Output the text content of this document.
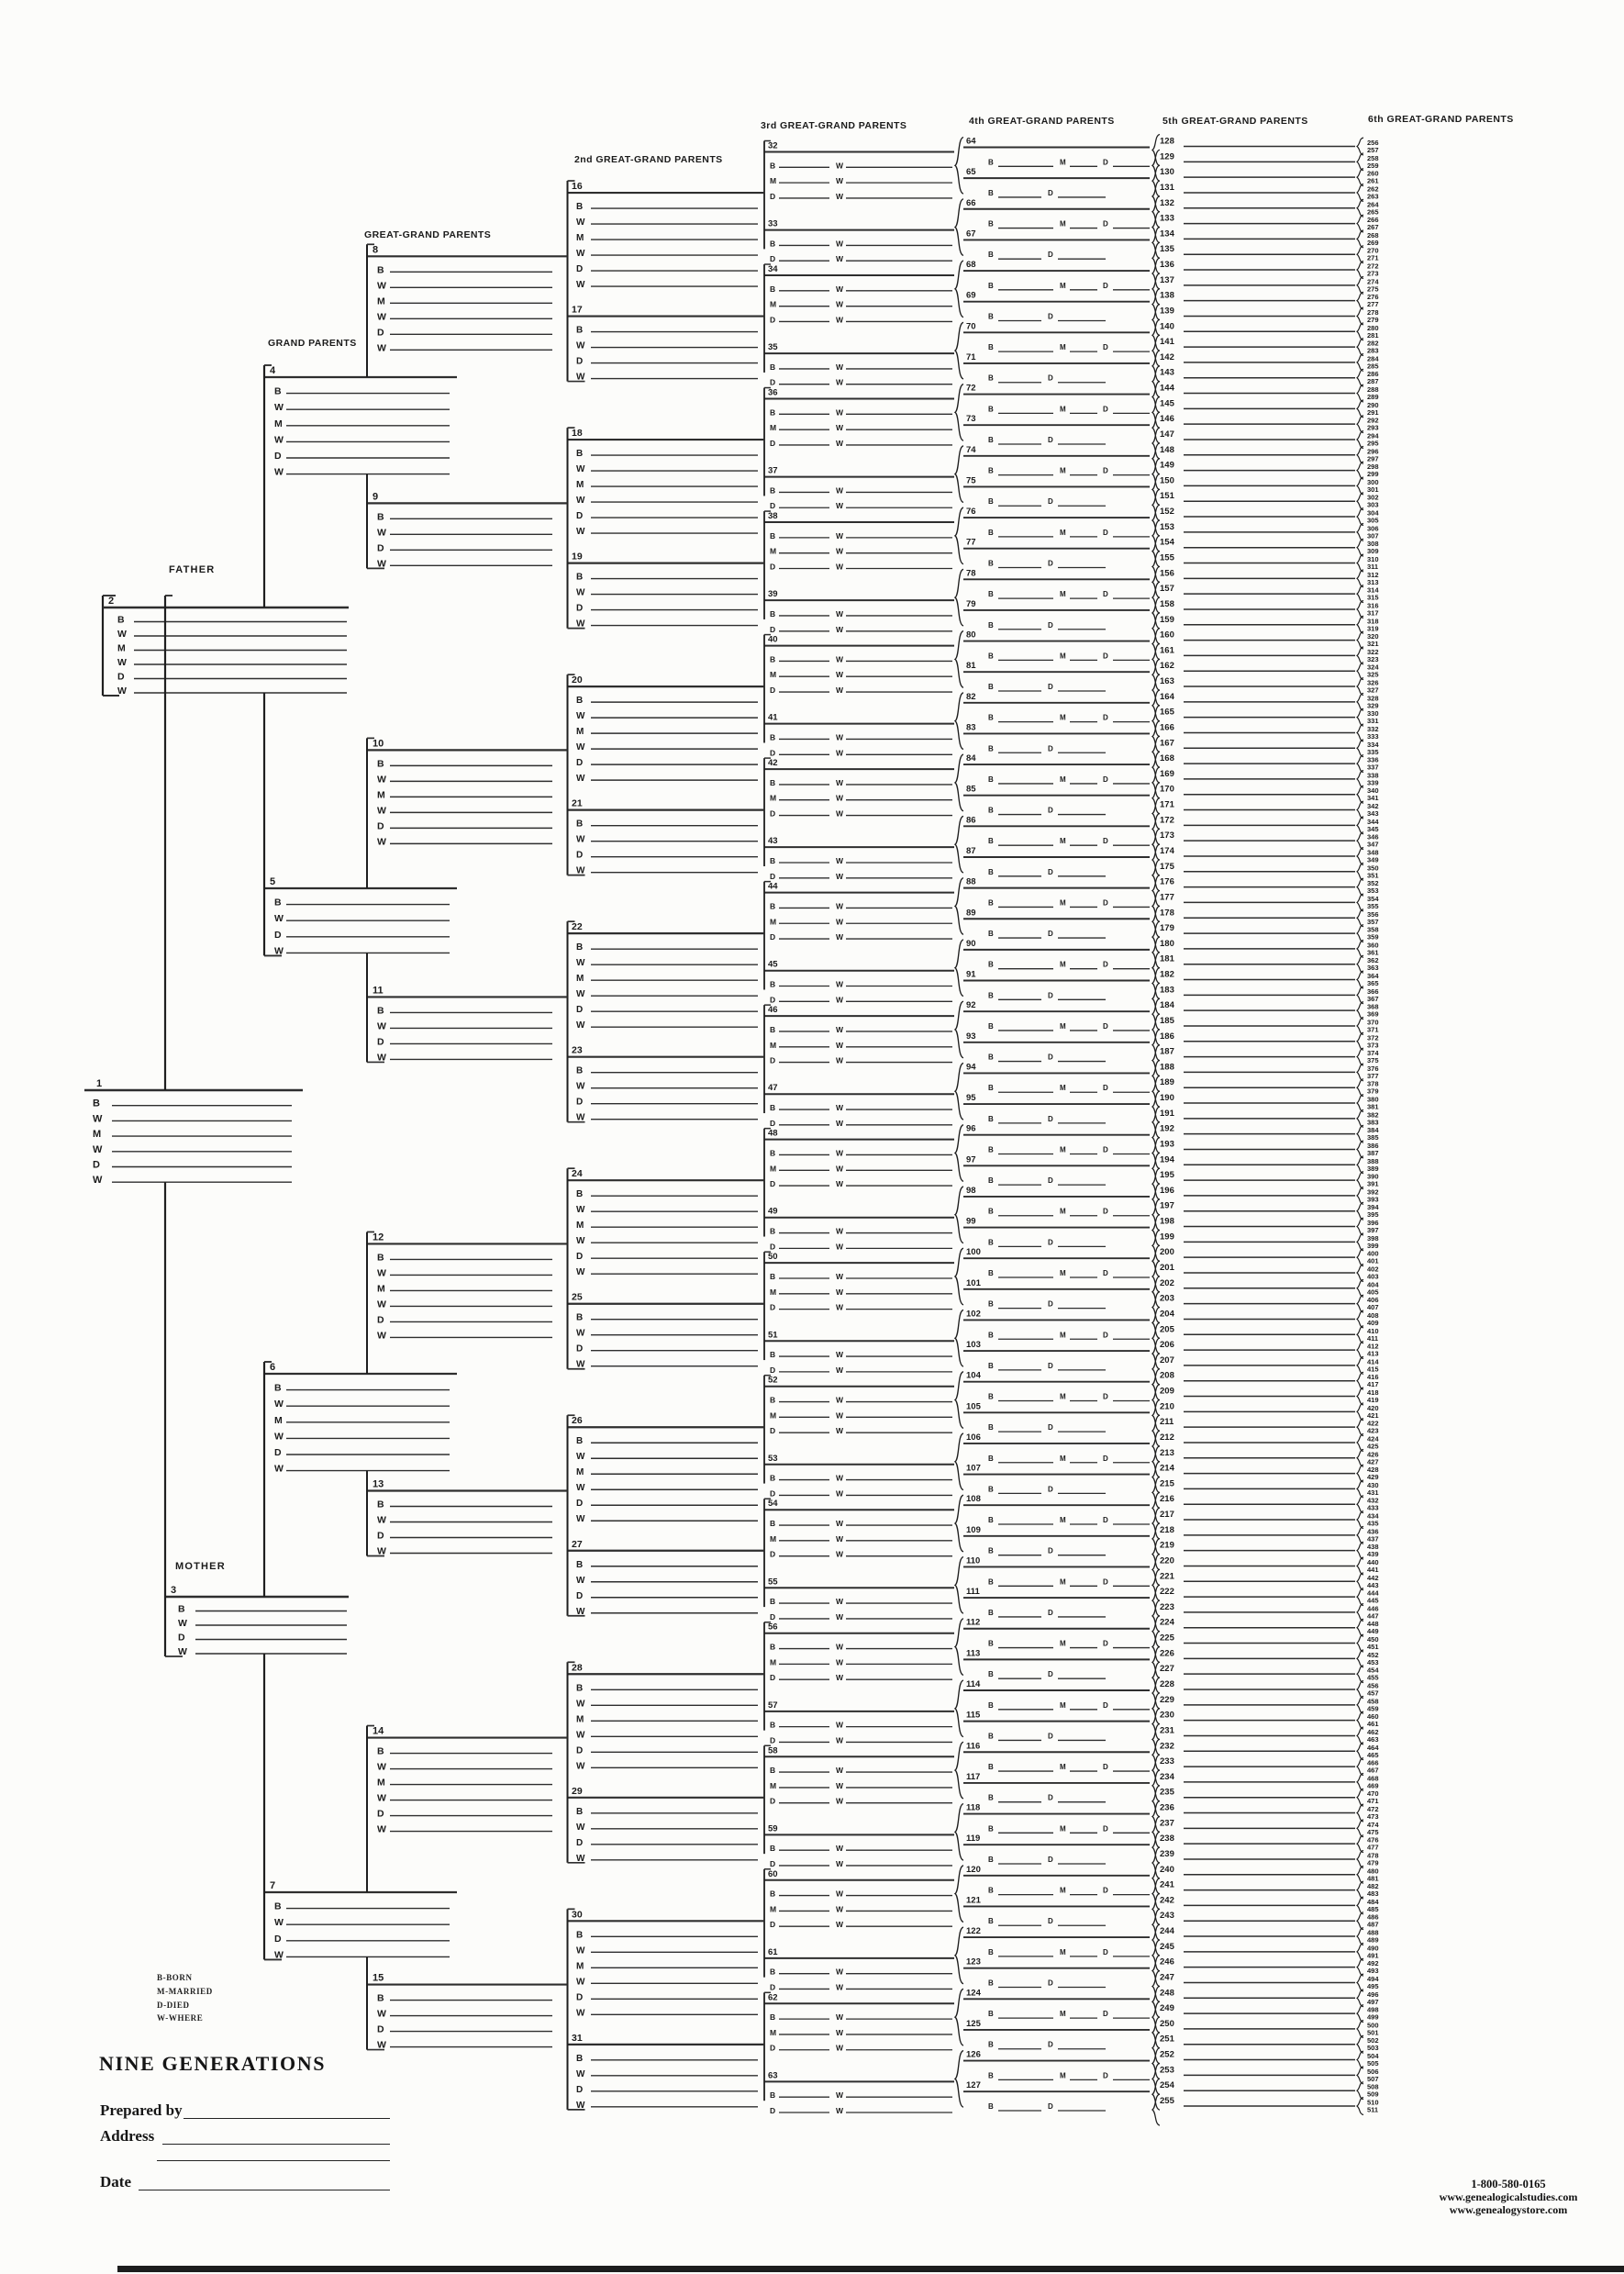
256
257
258
259
260
261
262
263
264
265
266
267
268
269
270
271
272
273
274
275
276
277
278
279
280
281
282
283
284
285
286
287
288
289
290
291
292
293
294
295
296
297
298
299
300
301
302
303
304
305
306
307
308
309
310
311
312
313
314
315
316
317
318
319
320
321
322
323
324
325
326
327
328
329
330
331
332
333
334
335
336
337
338
339
340
341
342
343
344
345
346
347
348
349
350
351
352
353
354
355
356
357
358
359
360
361
362
363
364
365
366
367
368
369
370
371
372
373
374
375
376
377
378
379
380
381
382
383
384
385
386
387
388
389
390
391
392
393
394
395
396
397
398
399
400
401
402
403
404
405
406
407
408
409
410
411
412
413
414
415
416
417
418
419
420
421
422
423
424
425
426
427
428
429
430
431
432
433
434
435
436
437
438
439
440
441
442
443
444
445
446
447
448
449
450
451
452
453
454
455
456
457
458
459
460
461
462
463
464
465
466
467
468
469
470
471
472
473
474
475
476
477
478
479
480
481
482
483
484
485
486
487
488
489
490
491
492
493
494
495
496
497
498
499
500
501
502
503
504
505
506
507
508
509
510
511
128
129
130
131
132
133
134
135
136
137
138
139
140
141
142
143
144
145
146
147
148
149
150
151
152
153
154
155
156
157
158
159
160
161
162
163
164
165
166
167
168
169
170
171
172
173
174
175
176
177
178
179
180
181
182
183
184
185
186
187
188
189
190
191
192
193
194
195
196
197
198
199
200
201
202
203
204
205
206
207
208
209
210
211
212
213
214
215
216
217
218
219
220
221
222
223
224
225
226
227
228
229
230
231
232
233
234
235
236
237
238
239
240
241
242
243
244
245
246
247
248
249
250
251
252
253
254
255
64
B	M	D
65
B	D
66
B	M	D
67
B	D
68
B	M	D
69
B	D
70
B	M	D
71
B	D
72
B	M	D
73
B	D
74
B	M	D
75
B	D
76
B	M	D
77
B	D
78
B	M	D
79
B	D
80
B	M	D
81
B	D
82
B	M	D
83
B	D
84
B	M	D
85
B	D
86
B	M	D
87
B	D
88
B	M	D
89
B	D
90
B	M	D
91
B	D
92
B	M	D
93
B	D
94
B	M	D
95
B	D
96
B	M	D
97
B	D
98
B	M	D
99
B	D
100
B	M	D
101
B	D
102
B	M	D
103
B	D
104
B	M	D
105
B	D
106
B	M	D
107
B	D
108
B	M	D
109
B	D
110
B	M	D
111
B	D
112
B	M	D
113
B	D
114
B	M	D
115
B	D
116
B	M	D
117
B	D
118
B	M	D
119
B	D
120
B	M	D
121
B	D
122
B	M	D
123
B	D
124
B	M	D
125
B	D
126
B	M	D
127
B	D
32
B	W
M	W
D	W
33
B	W
D	W
34
B	W
M	W
D	W
35
B	W
D	W
36
B	W
M	W
D	W
37
B	W
D	W
38
B	W
M	W
D	W
39
B	W
D	W
40
B	W
M	W
D	W
41
B	W
D	W
42
B	W
M	W
D	W
43
B	W
D	W
44
B	W
M	W
D	W
45
B	W
D	W
46
B	W
M	W
D	W
47
B	W
D	W
48
B	W
M	W
D	W
49
B	W
D	W
50
B	W
M	W
D	W
51
B	W
D	W
52
B	W
M	W
D	W
53
B	W
D	W
54
B	W
M	W
D	W
55
B	W
D	W
56
B	W
M	W
D	W
57
B	W
D	W
58
B	W
M	W
D	W
59
B	W
D	W
60
B	W
M	W
D	W
61
B	W
D	W
62
B	W
M	W
D	W
63
B	W
D	W
16
B
W
M
W
D
W
17
B
W
D
W
18
B
W
M
W
D
W
19
B
W
D
W
20
B
W
M
W
D
W
21
B
W
D
W
22
B
W
M
W
D
W
23
B
W
D
W
24
B
W
M
W
D
W
25
B
W
D
W
26
B
W
M
W
D
W
27
B
W
D
W
28
B
W
M
W
D
W
29
B
W
D
W
30
B
W
M
W
D
W
31
B
W
D
W
8
B
W
M
W
D
W
9
B
W
D
W
10
B
W
M
W
D
W
11
B
W
D
W
12
B
W
M
W
D
W
13
B
W
D
W
14
B
W
M
W
D
W
15
B
W
D
W
4
B
W
M
W
D
W
5
B
W
D
W
6
B
W
M
W
D
W
7
B
W
D
W
2
B
W
M
W
D
W
3
B
W
D
W
1
B
W
M
W
D
W
GRAND PARENTS
GREAT-GRAND PARENTS
2nd GREAT-GRAND PARENTS
3rd GREAT-GRAND PARENTS	4th GREAT-GRAND PARENTS	5th GREAT-GRAND PARENTS	6th GREAT-GRAND PARENTS
FATHER
MOTHER
B-BORN
M-MARRIED
D-DIED
W-WHERE
NINE GENERATIONS
Prepared by
Address
Date	1-800-580-0165
www.genealogicalstudies.com
www.genealogystore.com
